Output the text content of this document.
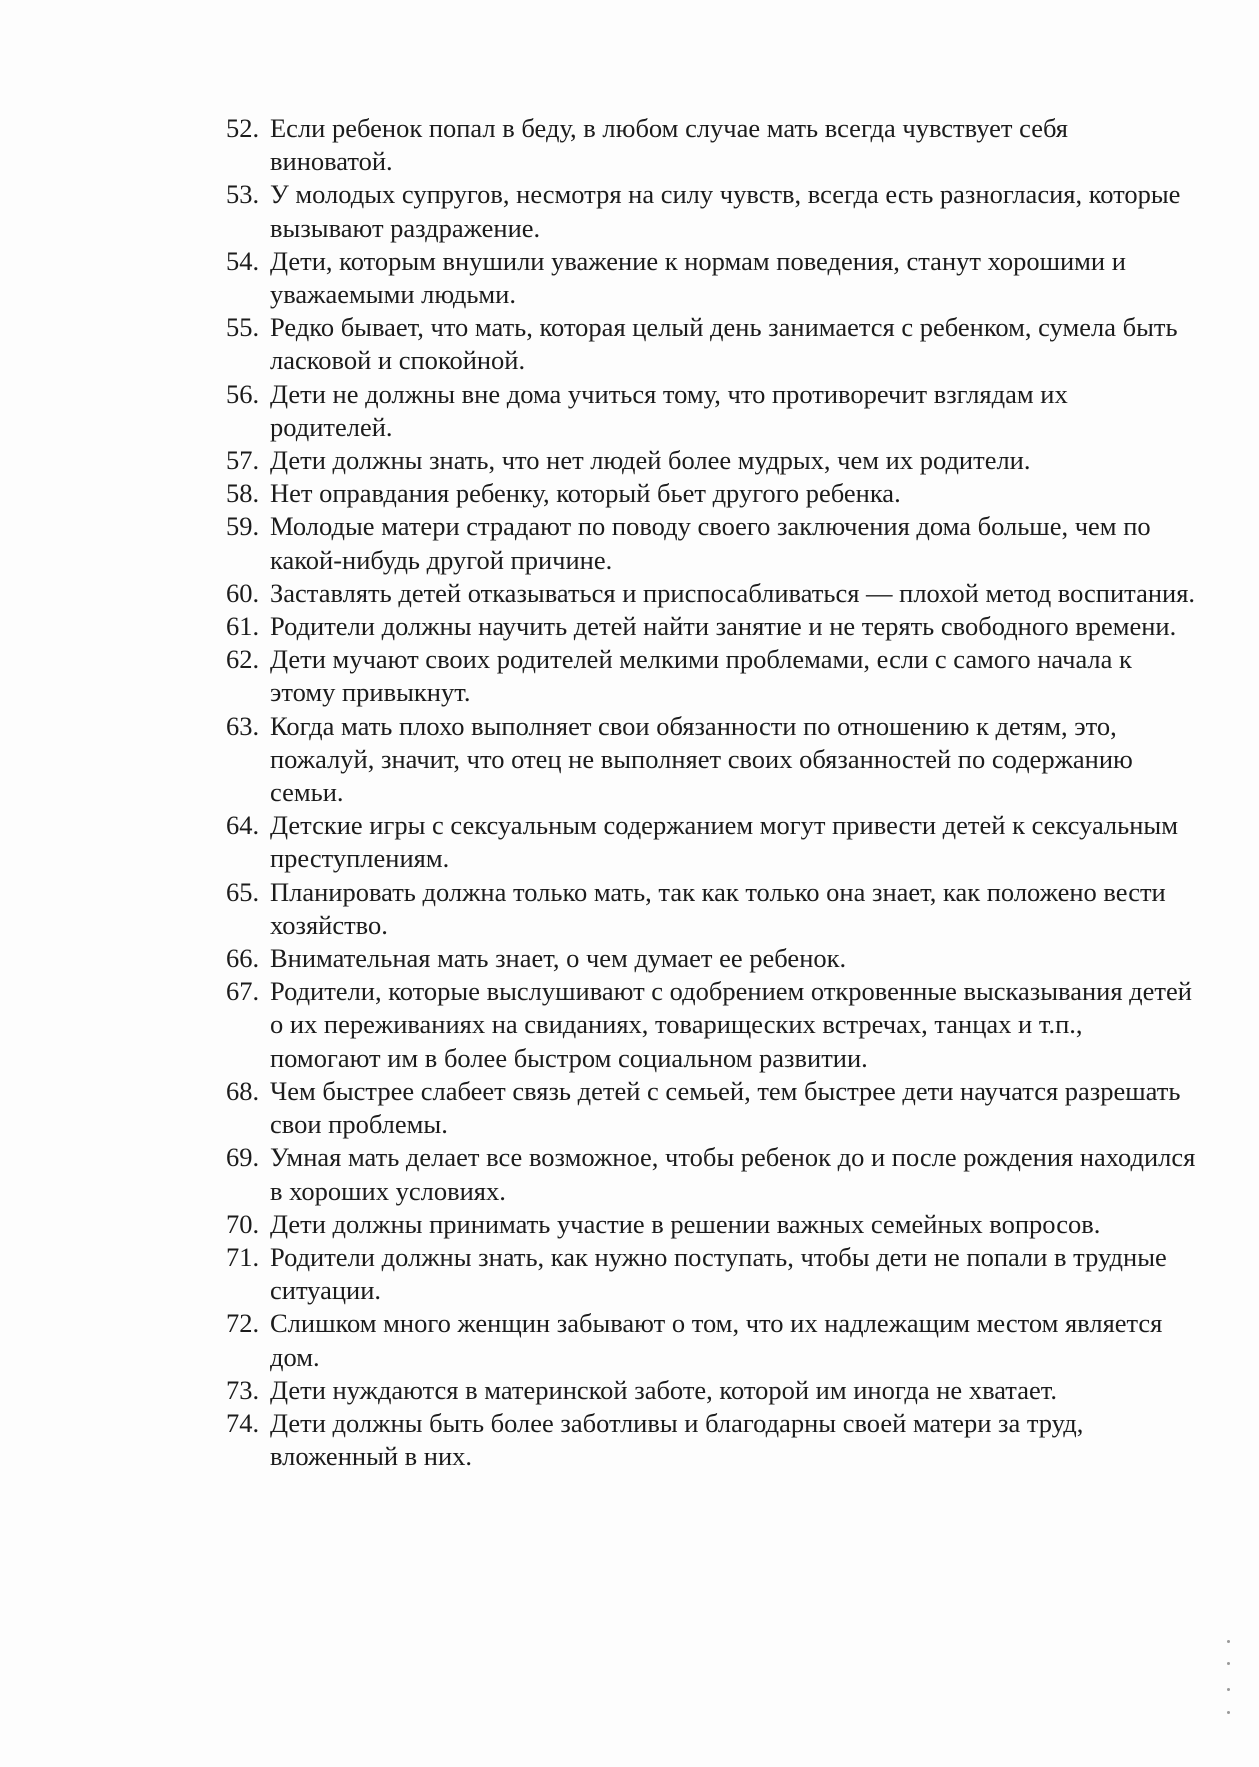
52. Если ребенок попал в беду, в любом случае мать всегда чувствует себя виноватой.
53. У молодых супругов, несмотря на силу чувств, всегда есть разногласия, которые вызывают раздражение.
54. Дети, которым внушили уважение к нормам поведения, станут хорошими и уважаемыми людьми.
55. Редко бывает, что мать, которая целый день занимается с ребенком, сумела быть ласковой и спокойной.
56. Дети не должны вне дома учиться тому, что противоречит взглядам их родителей.
57. Дети должны знать, что нет людей более мудрых, чем их родители.
58. Нет оправдания ребенку, который бьет другого ребенка.
59. Молодые матери страдают по поводу своего заключения дома больше, чем по какой-нибудь другой причине.
60. Заставлять детей отказываться и приспосабливаться — плохой метод воспитания.
61. Родители должны научить детей найти занятие и не терять свободного времени.
62. Дети мучают своих родителей мелкими проблемами, если с самого начала к этому привыкнут.
63. Когда мать плохо выполняет свои обязанности по отношению к детям, это, пожалуй, значит, что отец не выполняет своих обязанностей по содержанию семьи.
64. Детские игры с сексуальным содержанием могут привести детей к сексуальным преступлениям.
65. Планировать должна только мать, так как только она знает, как положено вести хозяйство.
66. Внимательная мать знает, о чем думает ее ребенок.
67. Родители, которые выслушивают с одобрением откровенные высказывания детей о их переживаниях на свиданиях, товарищеских встречах, танцах и т.п., помогают им в более быстром социальном развитии.
68. Чем быстрее слабеет связь детей с семьей, тем быстрее дети научатся разрешать свои проблемы.
69. Умная мать делает все возможное, чтобы ребенок до и после рождения находился в хороших условиях.
70. Дети должны принимать участие в решении важных семейных вопросов.
71. Родители должны знать, как нужно поступать, чтобы дети не попали в трудные ситуации.
72. Слишком много женщин забывают о том, что их надлежащим местом является дом.
73. Дети нуждаются в материнской заботе, которой им иногда не хватает.
74. Дети должны быть более заботливы и благодарны своей матери за труд, вложенный в них.
